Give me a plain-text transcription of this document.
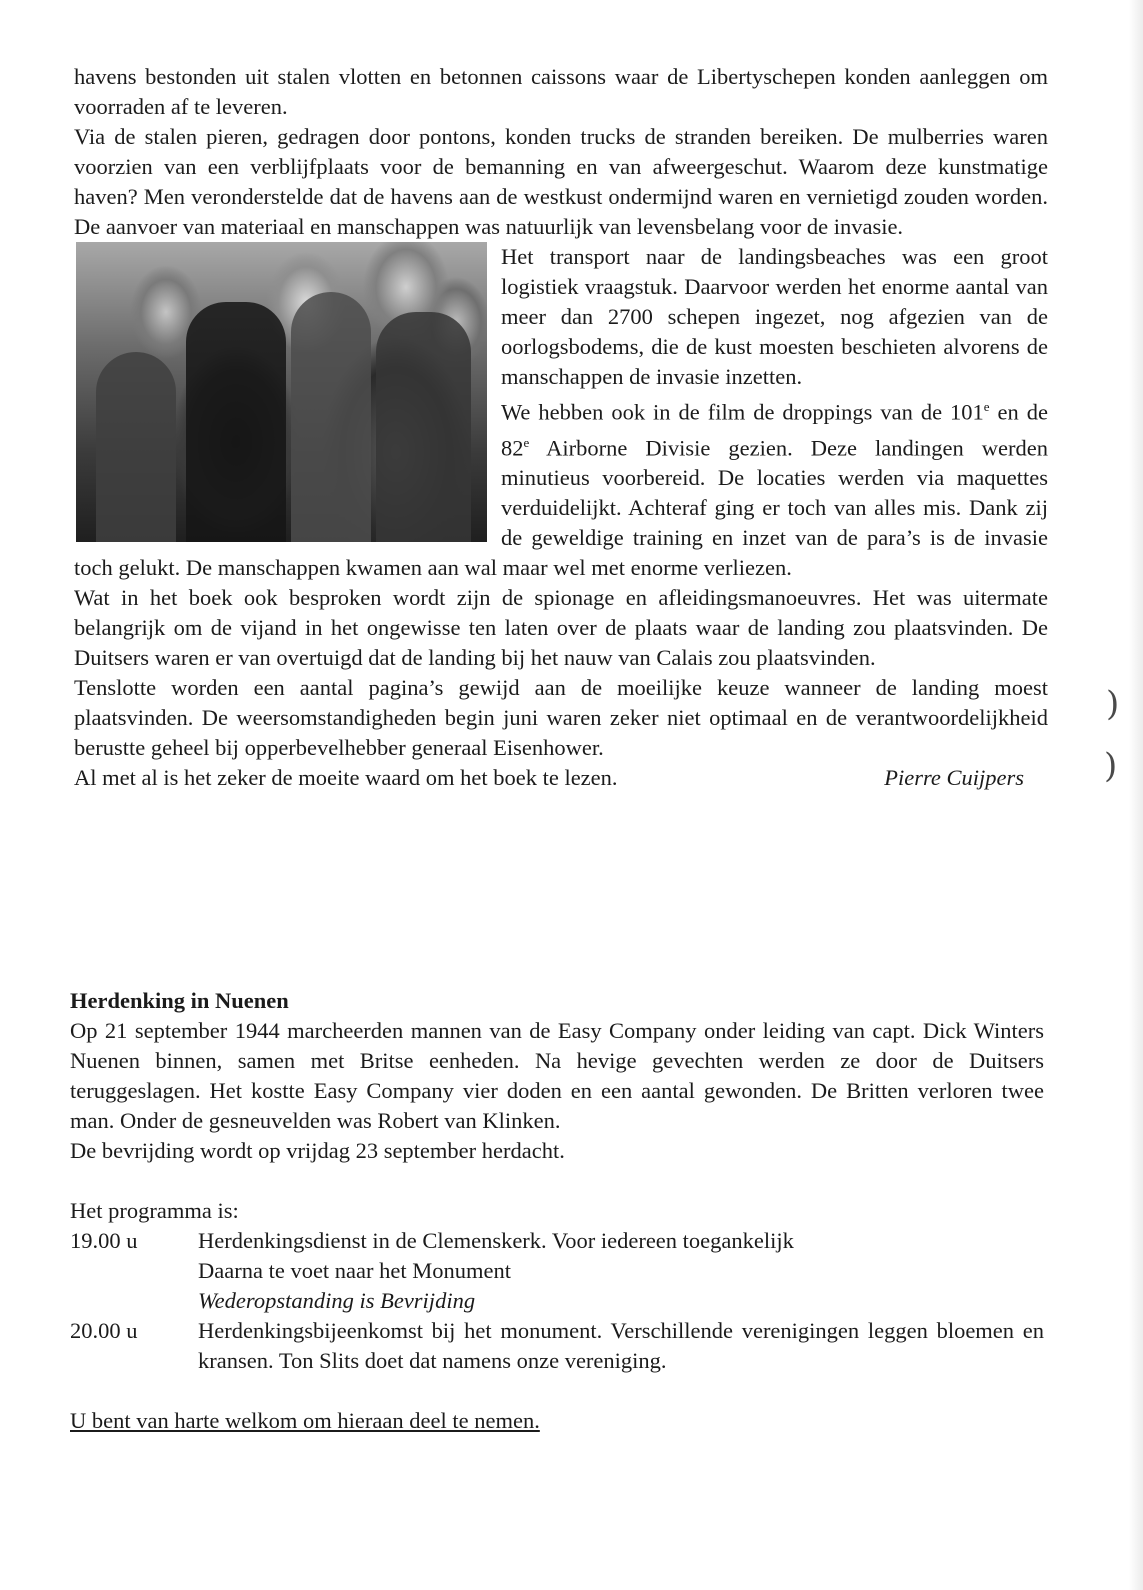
havens bestonden uit stalen vlotten en betonnen caissons waar de Libertyschepen konden aanleggen om voorraden af te leveren.

Via de stalen pieren, gedragen door pontons, konden trucks de stranden bereiken. De mulberries waren voorzien van een verblijfplaats voor de bemanning en van afweergeschut. Waarom deze kunstmatige haven? Men veronderstelde dat de havens aan de westkust ondermijnd waren en vernietigd zouden worden. De aanvoer van materiaal en manschappen was natuurlijk van levensbelang voor de invasie.

Het transport naar de landingsbeaches was een groot logistiek vraagstuk. Daarvoor werden het enorme aantal van meer dan 2700 schepen ingezet, nog afgezien van de oorlogsbodems, die de kust moesten beschieten alvorens de manschappen de invasie inzetten.

We hebben ook in de film de droppings van de 101e en de 82e Airborne Divisie gezien. Deze landingen werden minutieus voorbereid. De locaties werden via maquettes verduidelijkt. Achteraf ging er toch van alles mis. Dank zij de geweldige training en inzet van de para’s is de invasie toch gelukt. De manschappen kwamen aan wal maar wel met enorme verliezen.

Wat in het boek ook besproken wordt zijn de spionage en afleidingsmanoeuvres. Het was uitermate belangrijk om de vijand in het ongewisse ten laten over de plaats waar de landing zou plaatsvinden. De Duitsers waren er van overtuigd dat de landing bij het nauw van Calais zou plaatsvinden.

Tenslotte worden een aantal pagina’s gewijd aan de moeilijke keuze wanneer de landing moest plaatsvinden. De weersomstandigheden begin juni waren zeker niet optimaal en de verantwoordelijkheid berustte geheel bij opperbevelhebber generaal Eisenhower.

Al met al is het zeker de moeite waard om het boek te lezen.	Pierre Cuijpers

Herdenking in Nuenen

Op 21 september 1944 marcheerden mannen van de Easy Company onder leiding van capt. Dick Winters Nuenen binnen, samen met Britse eenheden. Na hevige gevechten werden ze door de Duitsers teruggeslagen. Het kostte Easy Company vier doden en een aantal gewonden. De Britten verloren twee man. Onder de gesneuvelden was Robert van Klinken.

De bevrijding wordt op vrijdag 23 september herdacht.

Het programma is:

19.00 u	Herdenkingsdienst in de Clemenskerk. Voor iedereen toegankelijk
Daarna te voet naar het Monument
Wederopstanding is Bevrijding
20.00 u	Herdenkingsbijeenkomst bij het monument. Verschillende verenigingen leggen bloemen en kransen. Ton Slits doet dat namens onze vereniging.

U bent van harte welkom om hieraan deel te nemen.

)
)
